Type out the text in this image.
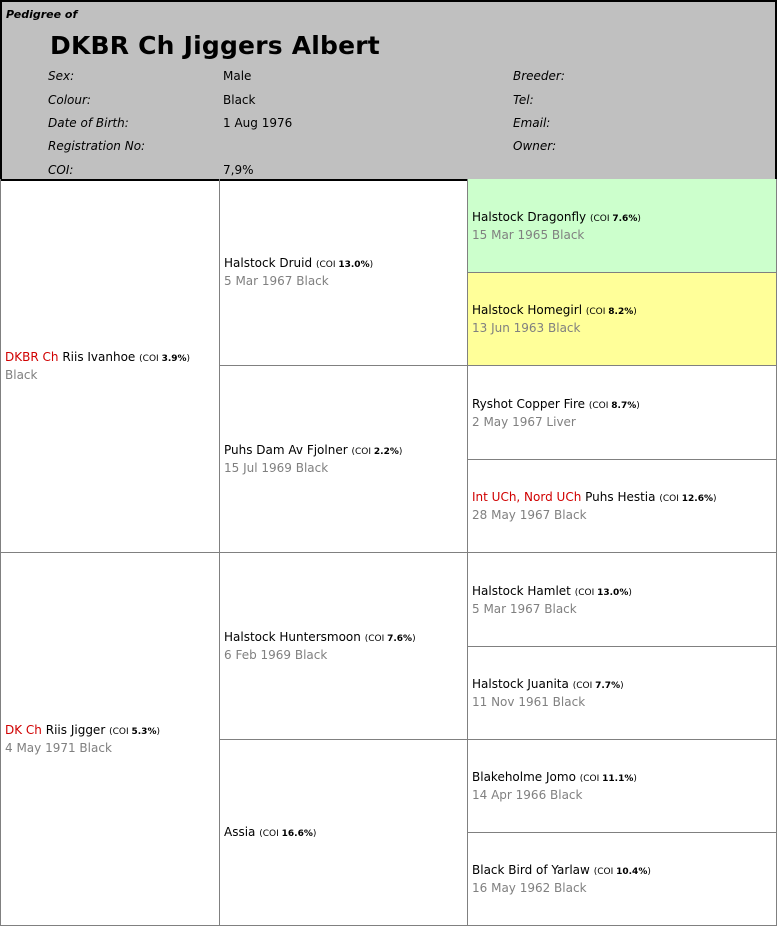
Pedigree of
DKBR Ch Jiggers Albert
Sex:	Male
Colour:	Black
Date of Birth:	1 Aug 1976
Registration No:
COI:	7,9%
Breeder:
Tel:
Email:
Owner:
DKBR Ch Riis Ivanhoe (COI 3.9%)
Black
DK Ch Riis Jigger (COI 5.3%)
4 May 1971 Black
Halstock Druid (COI 13.0%)
5 Mar 1967 Black
Puhs Dam Av Fjolner (COI 2.2%)
15 Jul 1969 Black
Halstock Huntersmoon (COI 7.6%)
6 Feb 1969 Black
Assia (COI 16.6%)
Halstock Dragonfly (COI 7.6%)
15 Mar 1965 Black
Halstock Homegirl (COI 8.2%)
13 Jun 1963 Black
Ryshot Copper Fire (COI 8.7%)
2 May 1967 Liver
Int UCh, Nord UCh Puhs Hestia (COI 12.6%)
28 May 1967 Black
Halstock Hamlet (COI 13.0%)
5 Mar 1967 Black
Halstock Juanita (COI 7.7%)
11 Nov 1961 Black
Blakeholme Jomo (COI 11.1%)
14 Apr 1966 Black
Black Bird of Yarlaw (COI 10.4%)
16 May 1962 Black
